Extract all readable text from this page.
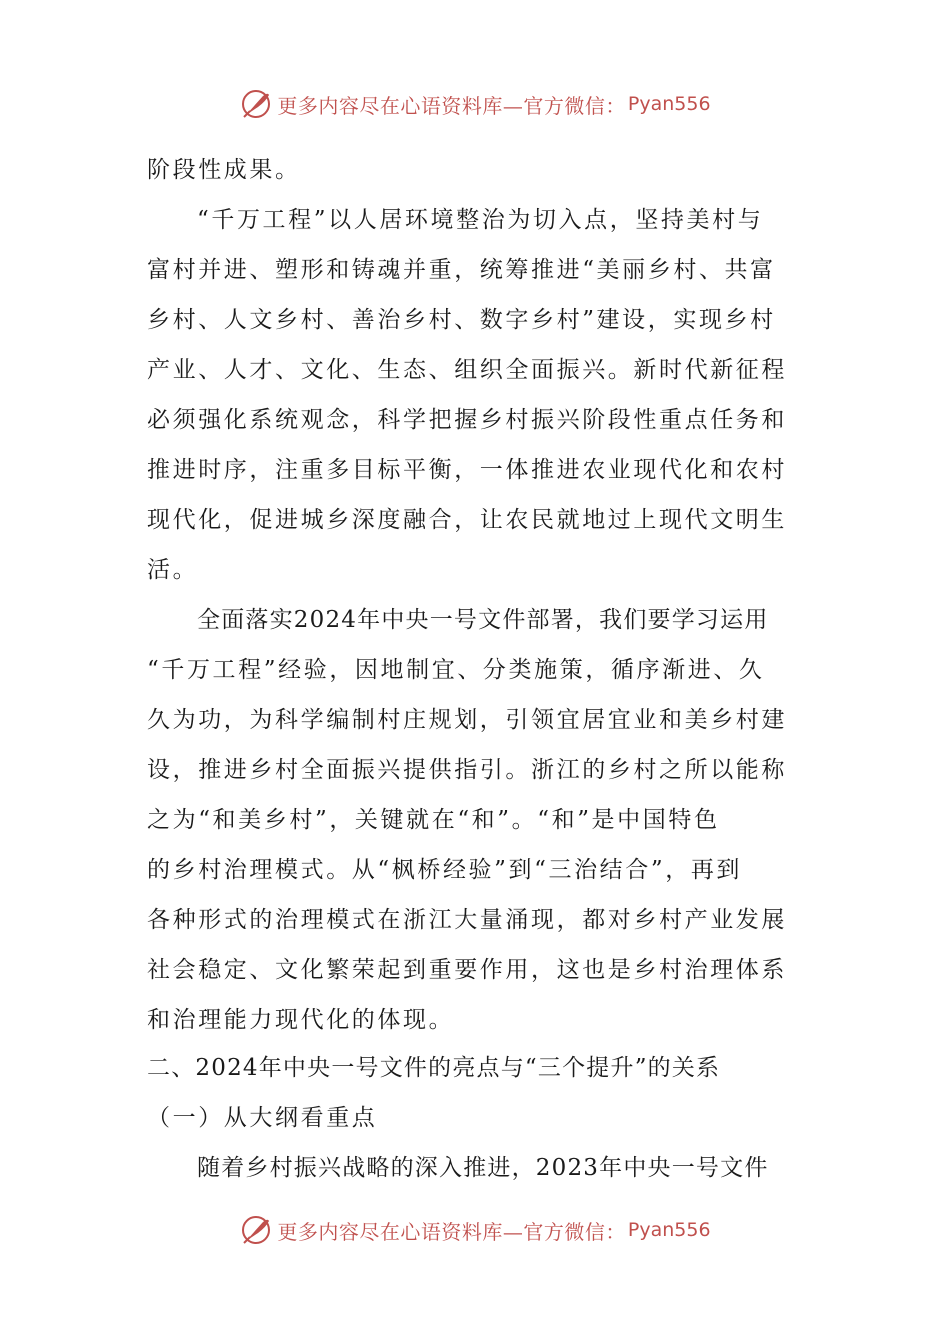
更多内容尽在心语资料库—官方微信： Pyan556
阶段性成果。
“千万工程”以人居环境整治为切入点，坚持美村与
富村并进、塑形和铸魂并重，统筹推进“美丽乡村、共富
乡村、人文乡村、善治乡村、数字乡村”建设，实现乡村
产业、人才、文化、生态、组织全面振兴。新时代新征程
必须强化系统观念，科学把握乡村振兴阶段性重点任务和
推进时序，注重多目标平衡，一体推进农业现代化和农村
现代化，促进城乡深度融合，让农民就地过上现代文明生
活。
全面落实2024年中央一号文件部署，我们要学习运用
“千万工程”经验，因地制宜、分类施策，循序渐进、久
久为功，为科学编制村庄规划，引领宜居宜业和美乡村建
设，推进乡村全面振兴提供指引。浙江的乡村之所以能称
之为“和美乡村”，关键就在“和”。“和”是中国特色
的乡村治理模式。从“枫桥经验”到“三治结合”，再到
各种形式的治理模式在浙江大量涌现，都对乡村产业发展
社会稳定、文化繁荣起到重要作用，这也是乡村治理体系
和治理能力现代化的体现。
二、2024年中央一号文件的亮点与“三个提升”的关系
（一）从大纲看重点
随着乡村振兴战略的深入推进，2023年中央一号文件
更多内容尽在心语资料库—官方微信： Pyan556
